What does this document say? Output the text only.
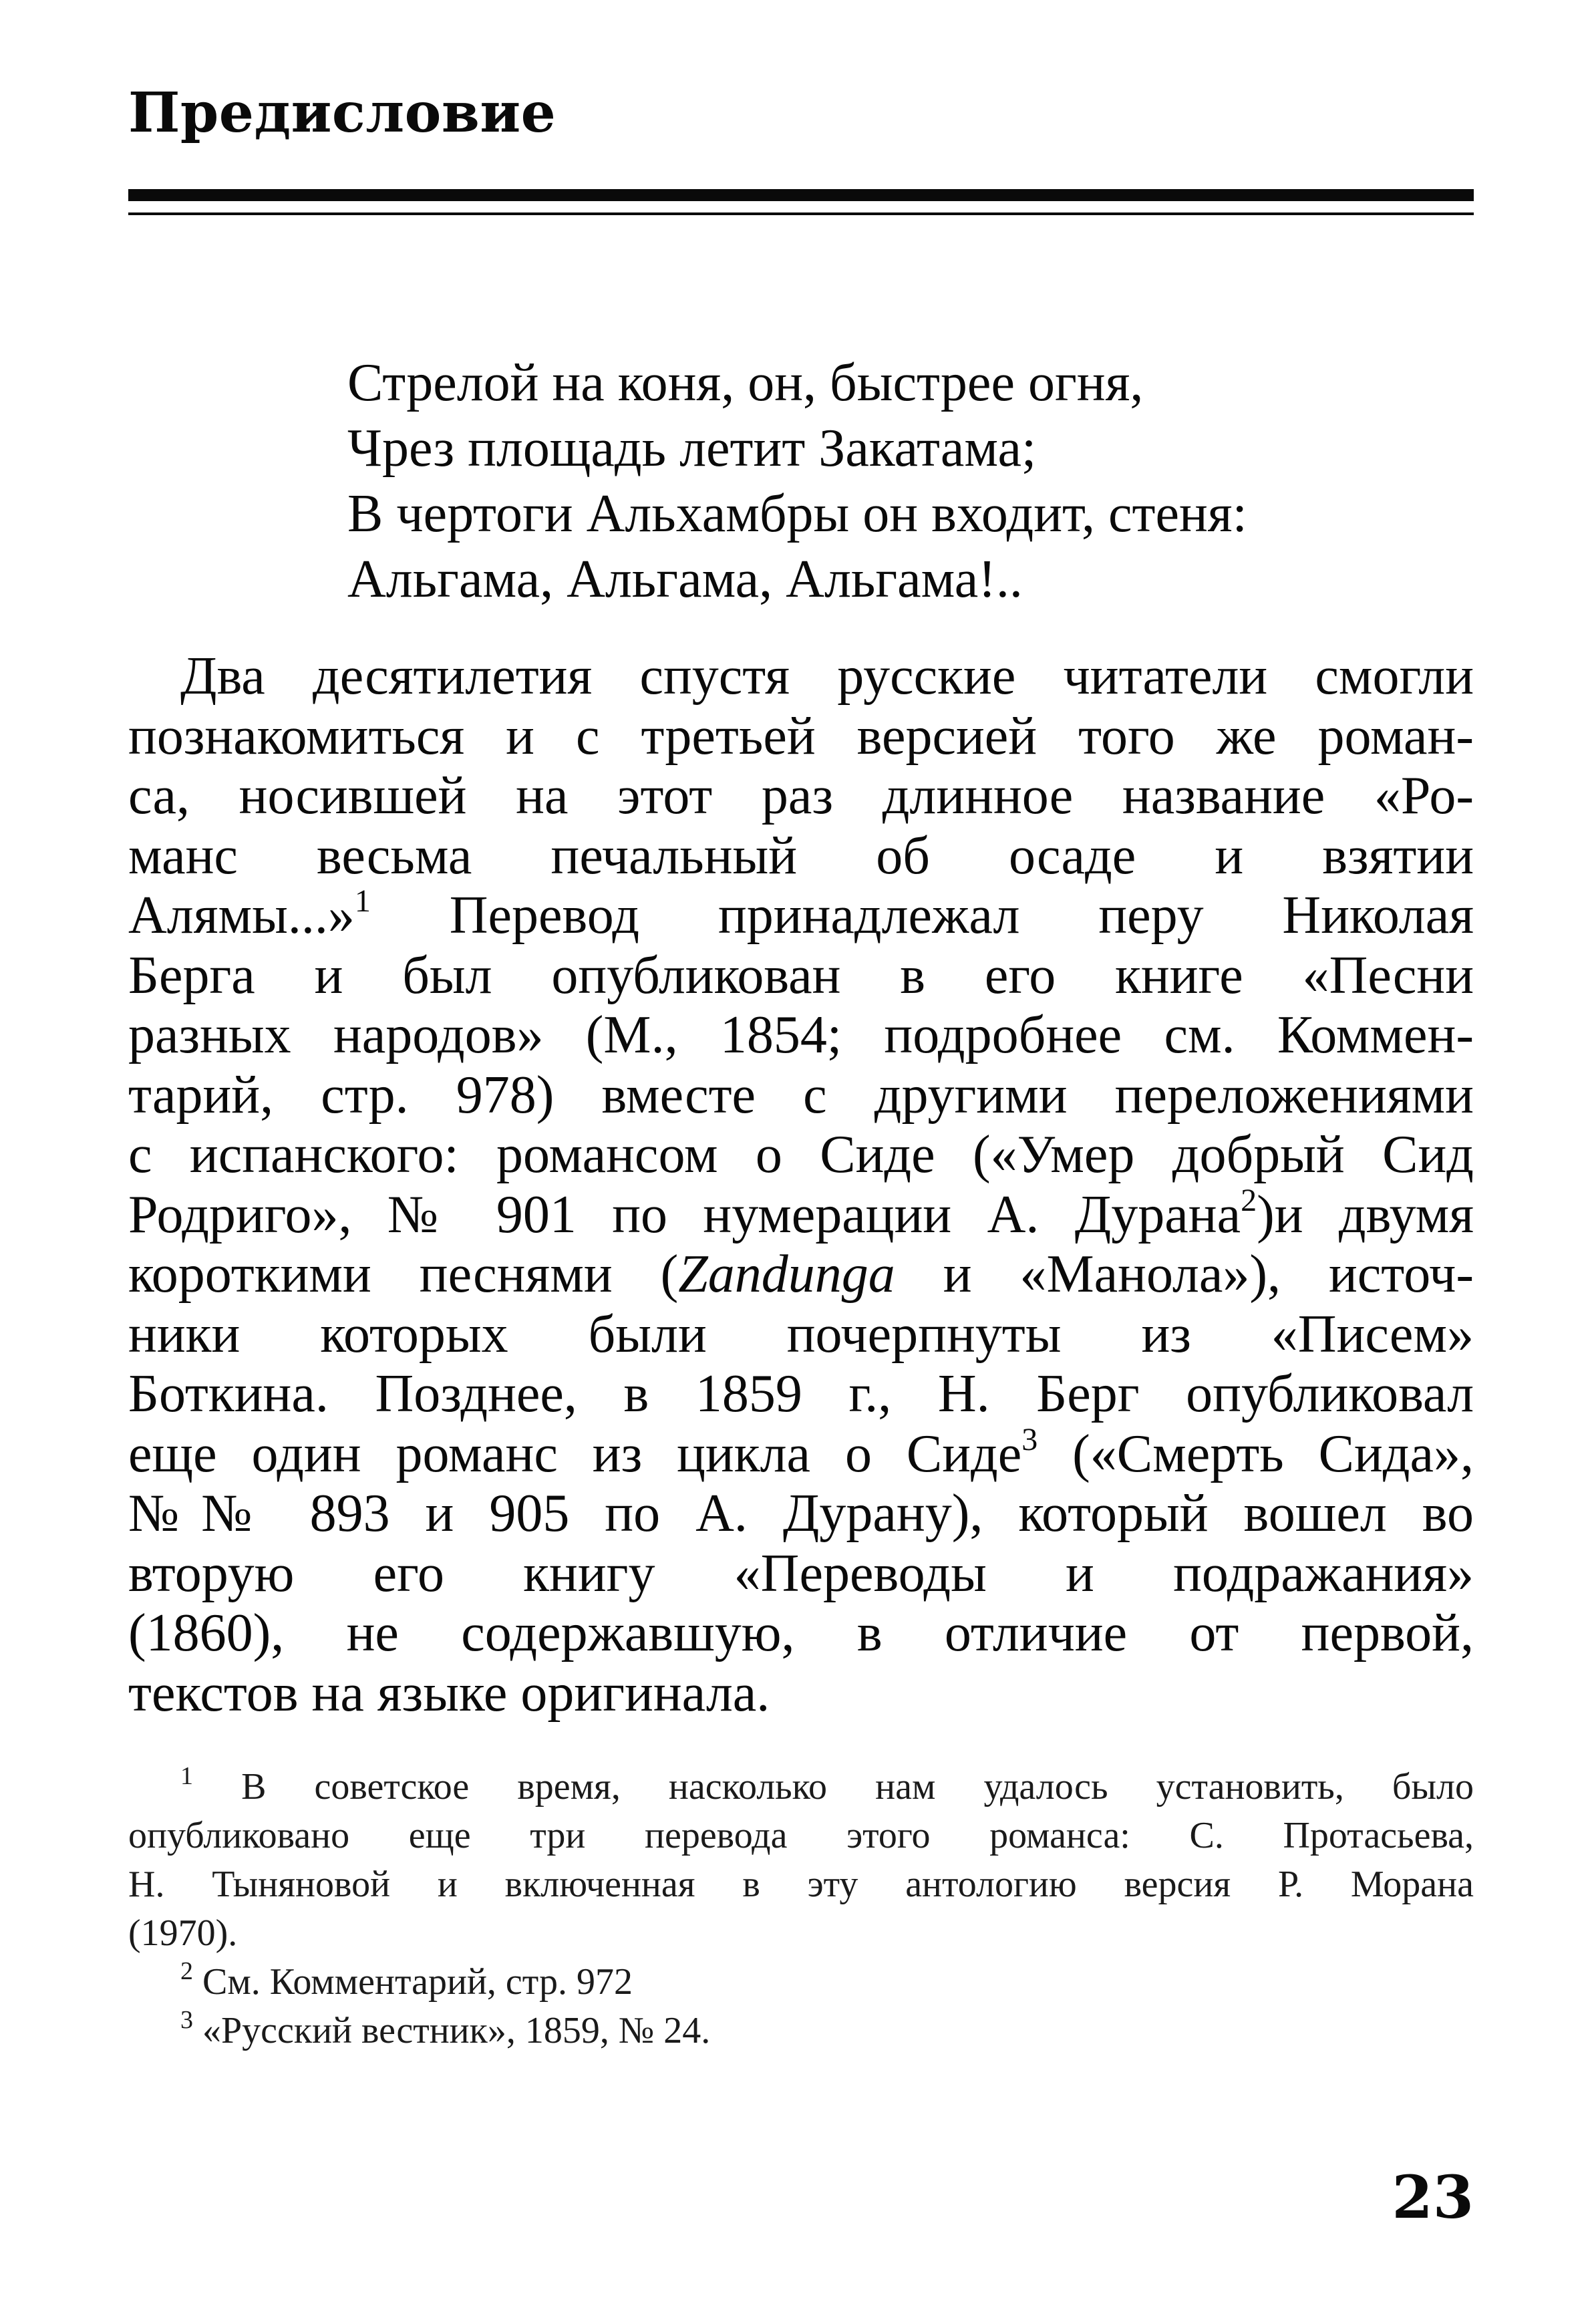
Предисловие
Стрелой на коня, он, быстрее огня,
Чрез площадь летит Закатама;
В чертоги Альхамбры он входит, стеня:
Альгама, Альгама, Альгама!..
Два десятилетия спустя русские читатели смогли
познакомиться и с третьей версией того же роман-
са, носившей на этот раз длинное название «Ро-
манс весьма печальный об осаде и взятии
Алямы...»$^1$ Перевод принадлежал перу Николая
Берга и был опубликован в его книге «Песни
разных народов» (М., 1854; подробнее см. Коммен-
тарий, стр. 978) вместе с другими переложениями
с испанского: романсом о Сиде («Умер добрый Сид
Родриго», № 901 по нумерации А. Дурана$^2$)и двумя
короткими песнями (Zandunga и «Манола»), источ-
ники которых были почерпнуты из «Писем»
Боткина. Позднее, в 1859 г., Н. Берг опубликовал
еще один романс из цикла о Сиде$^3$ («Смерть Сида»,
№№ 893 и 905 по А. Дурану), который вошел во
вторую его книгу «Переводы и подражания»
(1860), не содержавшую, в отличие от первой,
текстов на языке оригинала.
$^1$ В советское время, насколько нам удалось установить, было
опубликовано еще три перевода этого романса: С. Протасьева,
Н. Тыняновой и включенная в эту антологию версия Р. Морана
(1970).
$^2$ См. Комментарий, стр. 972
$^3$ «Русский вестник», 1859, № 24.
23
